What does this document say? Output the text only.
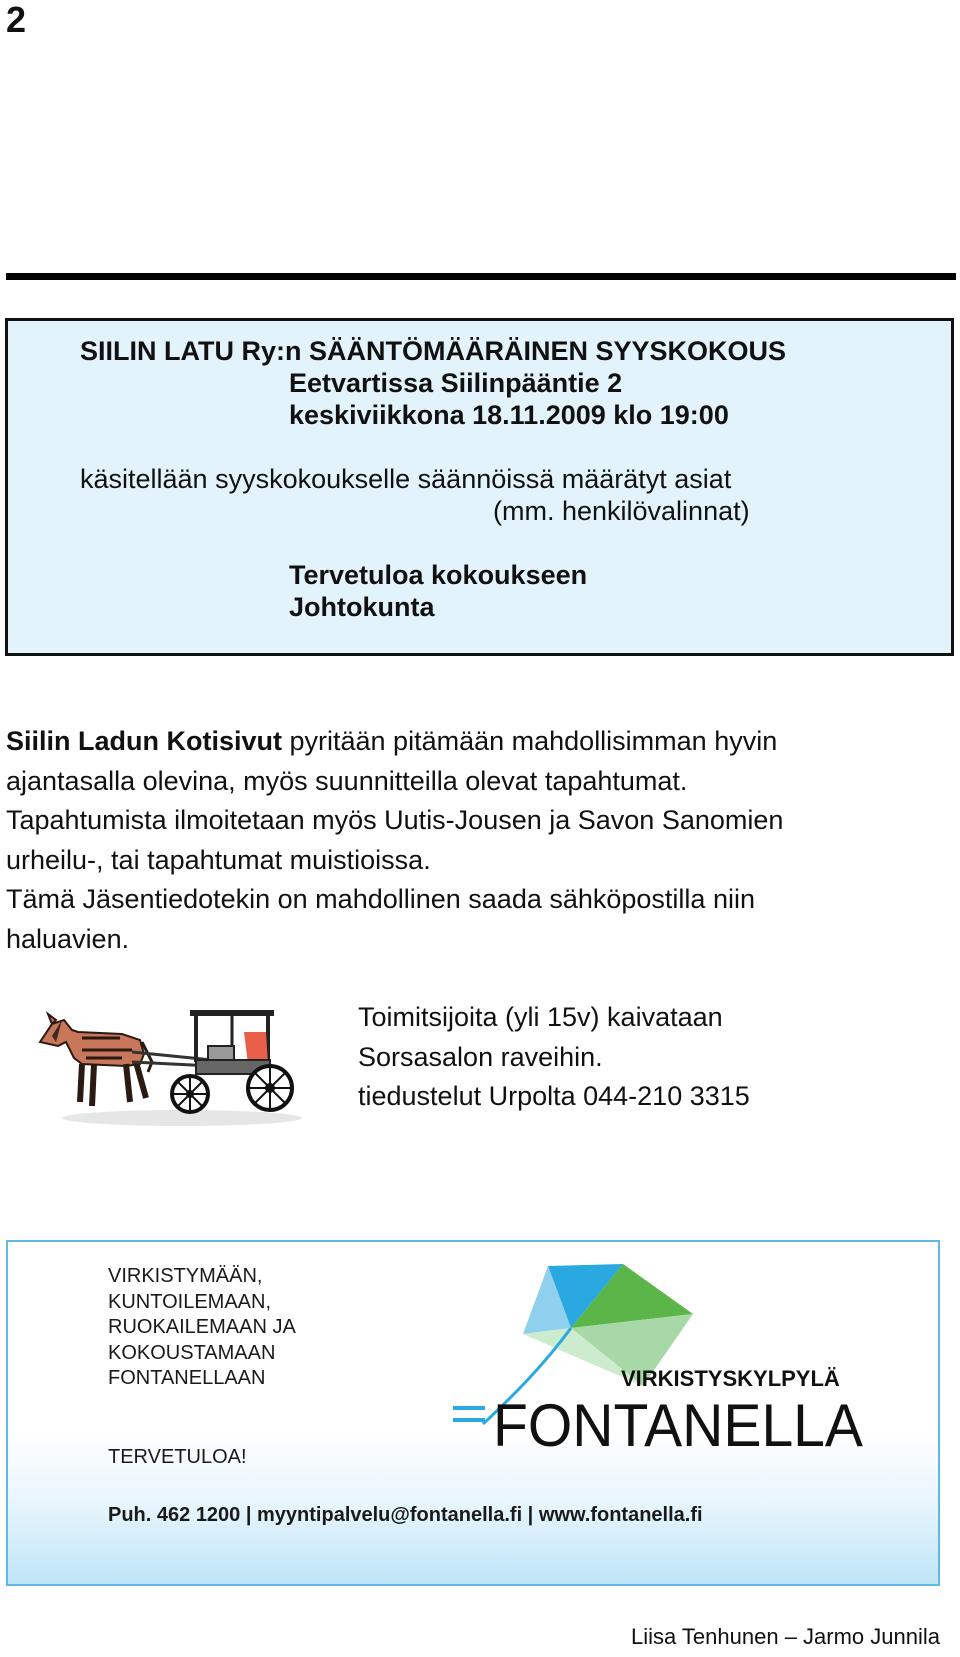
2
SIILIN LATU Ry:n SÄÄNTÖMÄÄRÄINEN SYYSKOKOUS
Eetvartissa Siilinpääntie 2
keskiviikkona 18.11.2009 klo 19:00
käsitellään syyskokoukselle säännöissä määrätyt asiat
(mm. henkilövalinnat)
Tervetuloa kokoukseen
Johtokunta
Siilin Ladun Kotisivut pyritään pitämään mahdollisimman hyvin
ajantasalla olevina, myös suunnitteilla olevat tapahtumat.
Tapahtumista ilmoitetaan myös Uutis-Jousen ja Savon Sanomien
urheilu-, tai tapahtumat muistioissa.
Tämä Jäsentiedotekin on mahdollinen saada sähköpostilla niin
haluavien.
Toimitsijoita (yli 15v) kaivataan
Sorsasalon raveihin.
tiedustelut Urpolta 044-210 3315
VIRKISTYMÄÄN,
KUNTOILEMAAN,
RUOKAILEMAAN JA
KOKOUSTAMAAN
FONTANELLAAN
TERVETULOA!
Puh. 462 1200 | myyntipalvelu@fontanella.fi | www.fontanella.fi
VIRKISTYSKYLPYLÄ
FONTANELLA
Liisa Tenhunen – Jarmo Junnila
